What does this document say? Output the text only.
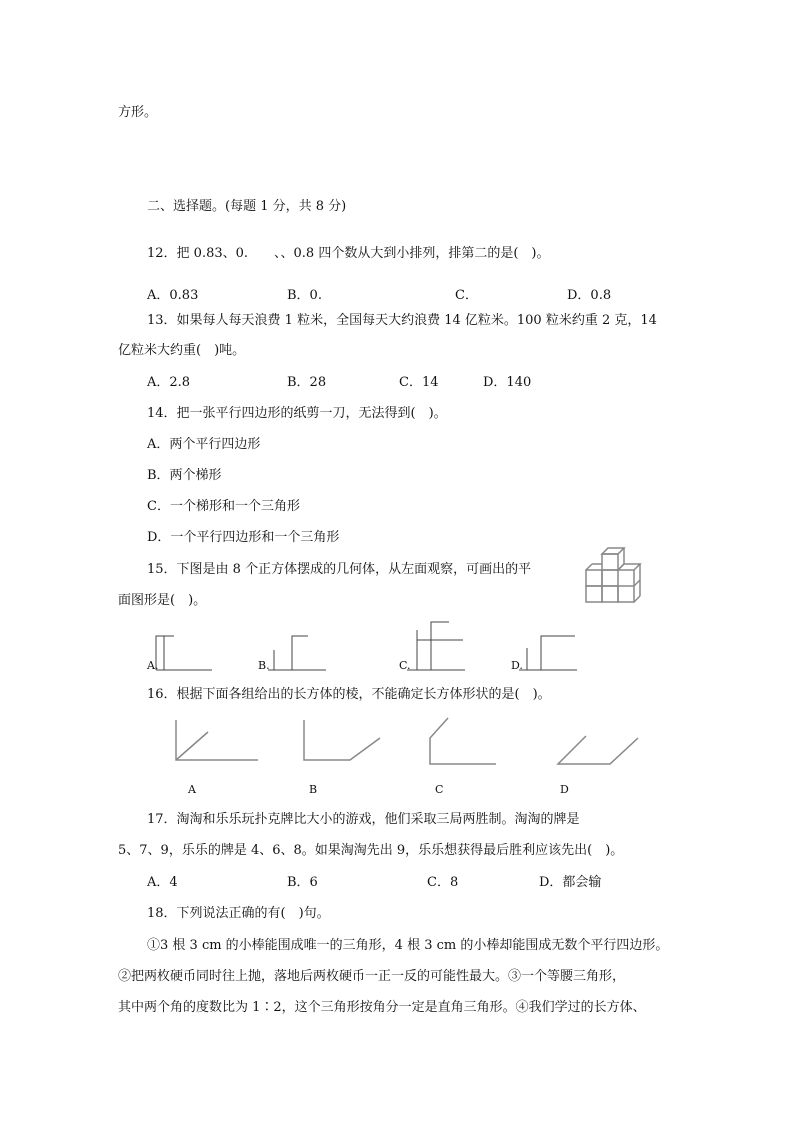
方形。
二、选择题。(每题 1 分，共 8 分)
12．把 0.83、0.　　、、0.8 四个数从大到小排列，排第二的是(　)。
A．0.83	B．0.	C．	D．0.8
13．如果每人每天浪费 1 粒米，全国每天大约浪费 14 亿粒米。100 粒米约重 2 克，14
亿粒米大约重(　)吨。
A．2.8	B．28	C．14	D．140
14．把一张平行四边形的纸剪一刀，无法得到(　)。
A．两个平行四边形
B．两个梯形
C．一个梯形和一个三角形
D．一个平行四边形和一个三角形
15．下图是由 8 个正方体摆成的几何体，从左面观察，可画出的平
面图形是(　)。
A.	B.	C.	D.
16．根据下面各组给出的长方体的棱，不能确定长方体形状的是(　)。
A	B	C	D
17．淘淘和乐乐玩扑克牌比大小的游戏，他们采取三局两胜制。淘淘的牌是
5、7、9，乐乐的牌是 4、6、8。如果淘淘先出 9，乐乐想获得最后胜利应该先出(　)。
A．4	B．6	C．8	D．都会输
18．下列说法正确的有(　)句。
①3 根 3 cm 的小棒能围成唯一的三角形，4 根 3 cm 的小棒却能围成无数个平行四边形。
②把两枚硬币同时往上抛，落地后两枚硬币一正一反的可能性最大。③一个等腰三角形，
其中两个角的度数比为 1∶2，这个三角形按角分一定是直角三角形。④我们学过的长方体、
